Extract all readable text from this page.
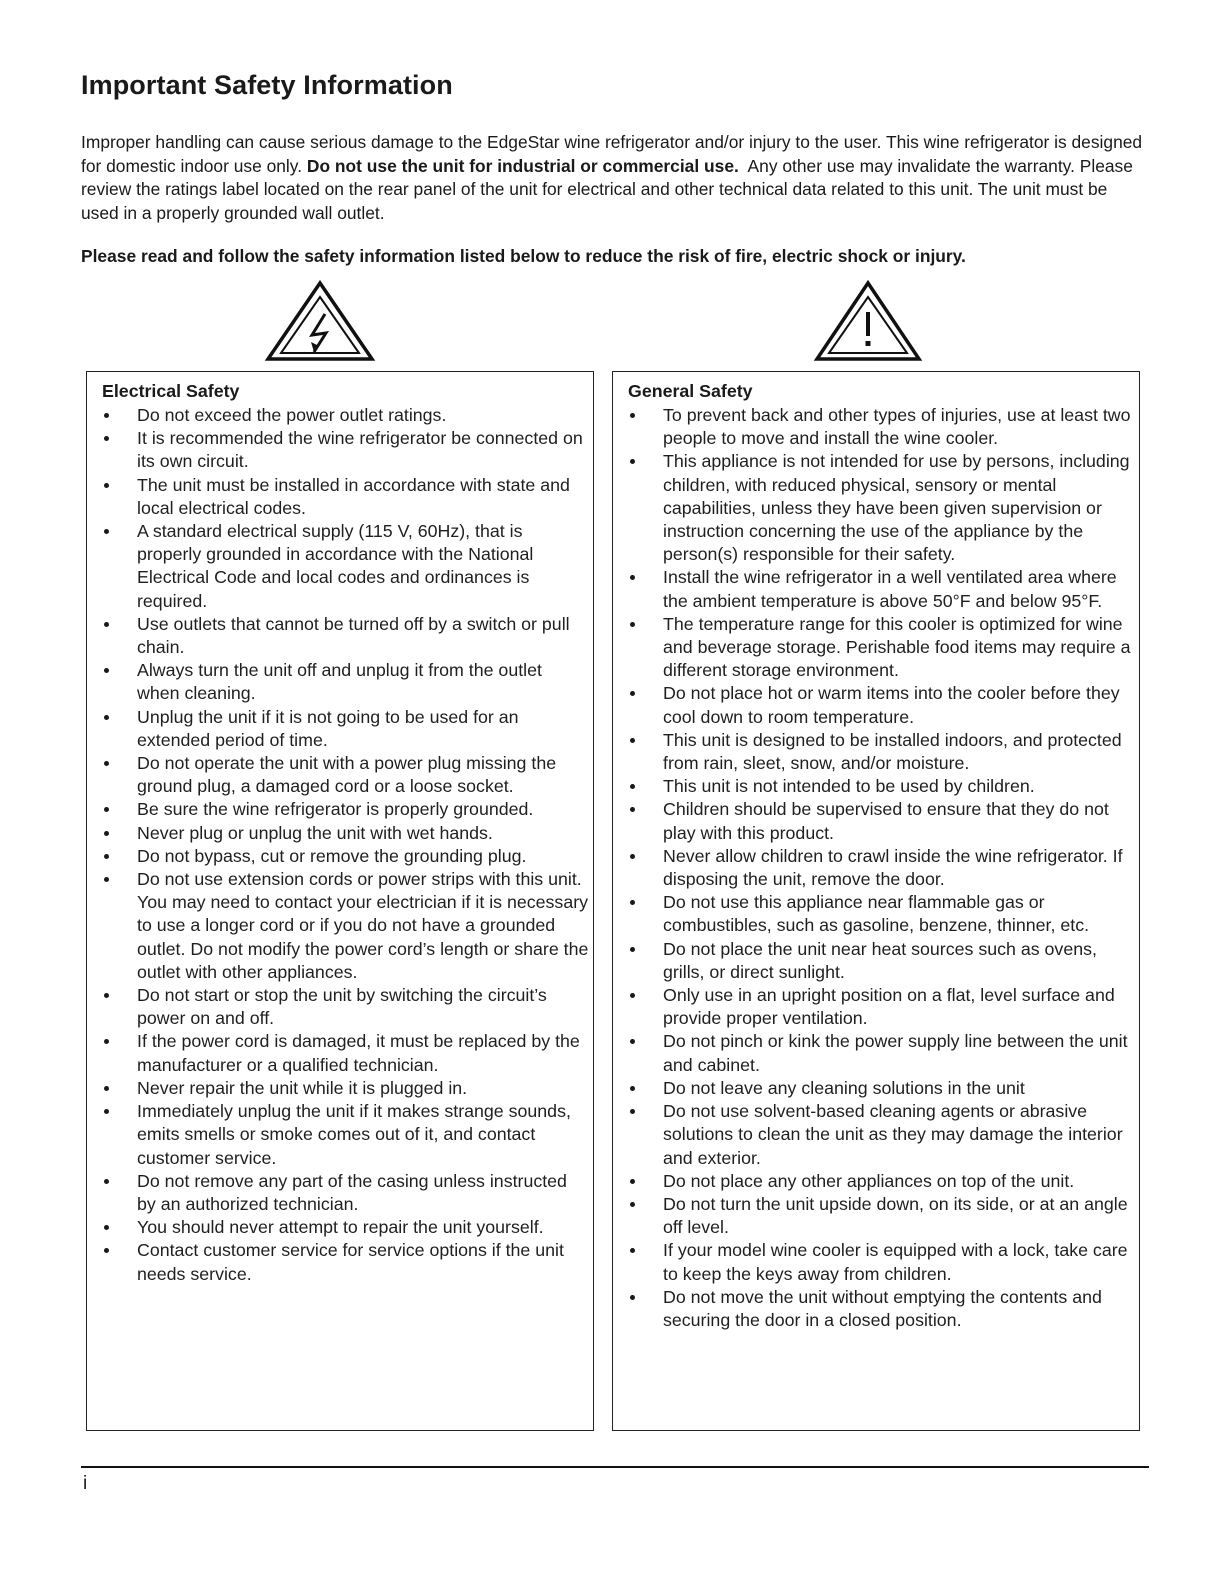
Important Safety Information

Improper handling can cause serious damage to the EdgeStar wine refrigerator and/or injury to the user. This wine refrigerator is designed for domestic indoor use only. Do not use the unit for industrial or commercial use. Any other use may invalidate the warranty. Please review the ratings label located on the rear panel of the unit for electrical and other technical data related to this unit. The unit must be used in a properly grounded wall outlet.

Please read and follow the safety information listed below to reduce the risk of fire, electric shock or injury.

Electrical Safety
Do not exceed the power outlet ratings.
It is recommended the wine refrigerator be connected on its own circuit.
The unit must be installed in accordance with state and local electrical codes.
A standard electrical supply (115 V, 60Hz), that is properly grounded in accordance with the National Electrical Code and local codes and ordinances is required.
Use outlets that cannot be turned off by a switch or pull chain.
Always turn the unit off and unplug it from the outlet when cleaning.
Unplug the unit if it is not going to be used for an extended period of time.
Do not operate the unit with a power plug missing the ground plug, a damaged cord or a loose socket.
Be sure the wine refrigerator is properly grounded.
Never plug or unplug the unit with wet hands.
Do not bypass, cut or remove the grounding plug.
Do not use extension cords or power strips with this unit. You may need to contact your electrician if it is necessary to use a longer cord or if you do not have a grounded outlet. Do not modify the power cord’s length or share the outlet with other appliances.
Do not start or stop the unit by switching the circuit’s power on and off.
If the power cord is damaged, it must be replaced by the manufacturer or a qualified technician.
Never repair the unit while it is plugged in.
Immediately unplug the unit if it makes strange sounds, emits smells or smoke comes out of it, and contact customer service.
Do not remove any part of the casing unless instructed by an authorized technician.
You should never attempt to repair the unit yourself.
Contact customer service for service options if the unit needs service.
General Safety
To prevent back and other types of injuries, use at least two people to move and install the wine cooler.
This appliance is not intended for use by persons, including children, with reduced physical, sensory or mental capabilities, unless they have been given supervision or instruction concerning the use of the appliance by the person(s) responsible for their safety.
Install the wine refrigerator in a well ventilated area where the ambient temperature is above 50°F and below 95°F.
The temperature range for this cooler is optimized for wine and beverage storage. Perishable food items may require a different storage environment.
Do not place hot or warm items into the cooler before they cool down to room temperature.
This unit is designed to be installed indoors, and protected from rain, sleet, snow, and/or moisture.
This unit is not intended to be used by children.
Children should be supervised to ensure that they do not play with this product.
Never allow children to crawl inside the wine refrigerator. If disposing the unit, remove the door.
Do not use this appliance near flammable gas or combustibles, such as gasoline, benzene, thinner, etc.
Do not place the unit near heat sources such as ovens, grills, or direct sunlight.
Only use in an upright position on a flat, level surface and provide proper ventilation.
Do not pinch or kink the power supply line between the unit and cabinet.
Do not leave any cleaning solutions in the unit
Do not use solvent-based cleaning agents or abrasive solutions to clean the unit as they may damage the interior and exterior.
Do not place any other appliances on top of the unit.
Do not turn the unit upside down, on its side, or at an angle off level.
If your model wine cooler is equipped with a lock, take care to keep the keys away from children.
Do not move the unit without emptying the contents and securing the door in a closed position.

i
